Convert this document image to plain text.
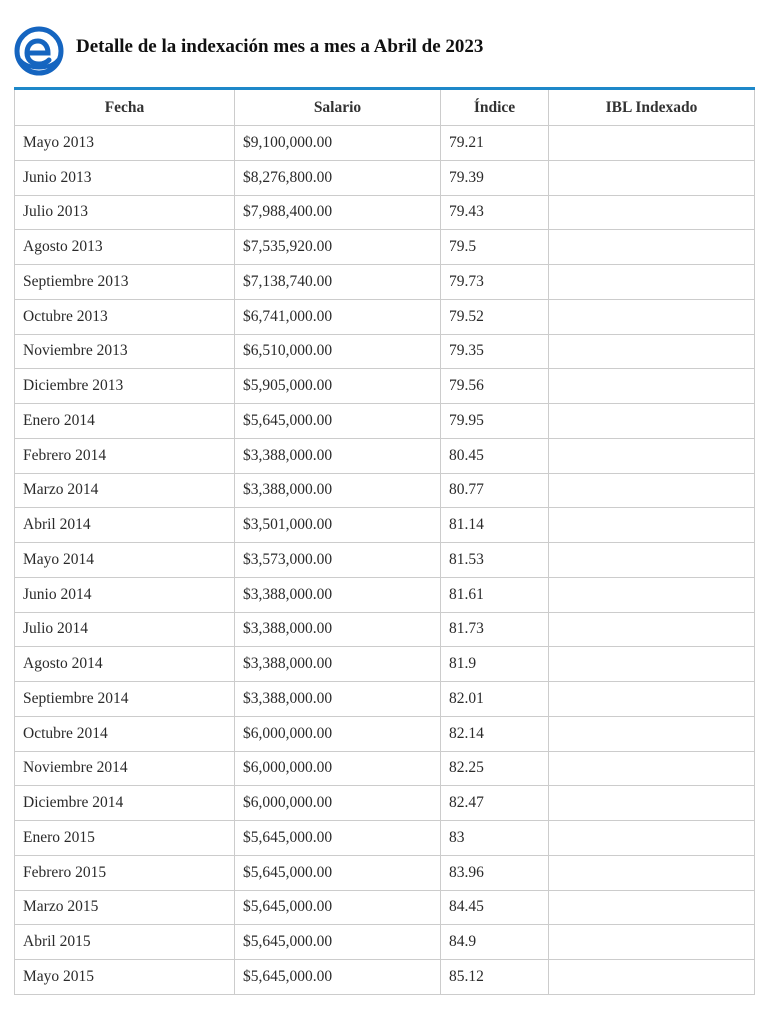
Detalle de la indexación mes a mes a Abril de 2023
Fecha	Salario	Índice	IBL Indexado
Mayo 2013	$9,100,000.00	79.21	
Junio 2013	$8,276,800.00	79.39	
Julio 2013	$7,988,400.00	79.43	
Agosto 2013	$7,535,920.00	79.5	
Septiembre 2013	$7,138,740.00	79.73	
Octubre 2013	$6,741,000.00	79.52	
Noviembre 2013	$6,510,000.00	79.35	
Diciembre 2013	$5,905,000.00	79.56	
Enero 2014	$5,645,000.00	79.95	
Febrero 2014	$3,388,000.00	80.45	
Marzo 2014	$3,388,000.00	80.77	
Abril 2014	$3,501,000.00	81.14	
Mayo 2014	$3,573,000.00	81.53	
Junio 2014	$3,388,000.00	81.61	
Julio 2014	$3,388,000.00	81.73	
Agosto 2014	$3,388,000.00	81.9	
Septiembre 2014	$3,388,000.00	82.01	
Octubre 2014	$6,000,000.00	82.14	
Noviembre 2014	$6,000,000.00	82.25	
Diciembre 2014	$6,000,000.00	82.47	
Enero 2015	$5,645,000.00	83	
Febrero 2015	$5,645,000.00	83.96	
Marzo 2015	$5,645,000.00	84.45	
Abril 2015	$5,645,000.00	84.9	
Mayo 2015	$5,645,000.00	85.12	
